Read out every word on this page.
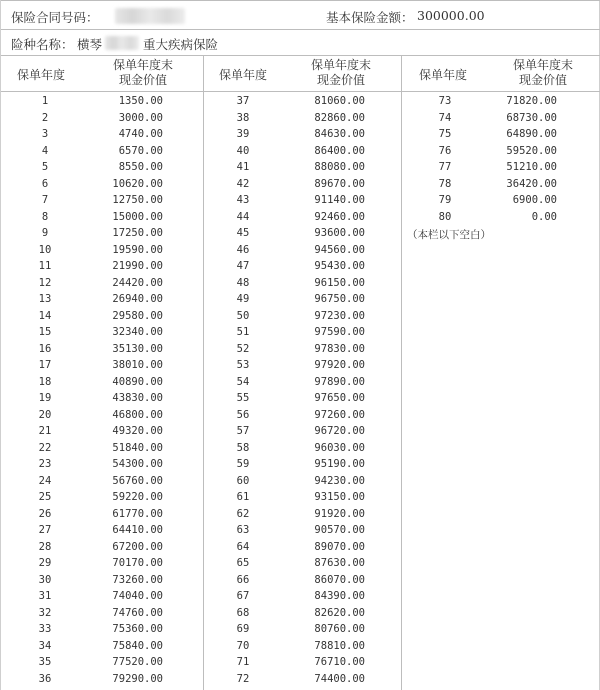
保险合同号码：	基本保险金额： 300000.00
险种名称： 横琴	重大疾病保险
保单年度
保单年度末
现金价值	保单年度
保单年度末
现金价值	保单年度
保单年度末
现金价值
1	1350.00
2	3000.00
3	4740.00
4	6570.00
5	8550.00
6	10620.00
7	12750.00
8	15000.00
9	17250.00
10	19590.00
11	21990.00
12	24420.00
13	26940.00
14	29580.00
15	32340.00
16	35130.00
17	38010.00
18	40890.00
19	43830.00
20	46800.00
21	49320.00
22	51840.00
23	54300.00
24	56760.00
25	59220.00
26	61770.00
27	64410.00
28	67200.00
29	70170.00
30	73260.00
31	74040.00
32	74760.00
33	75360.00
34	75840.00
35	77520.00
36	79290.00
37	81060.00
38	82860.00
39	84630.00
40	86400.00
41	88080.00
42	89670.00
43	91140.00
44	92460.00
45	93600.00
46	94560.00
47	95430.00
48	96150.00
49	96750.00
50	97230.00
51	97590.00
52	97830.00
53	97920.00
54	97890.00
55	97650.00
56	97260.00
57	96720.00
58	96030.00
59	95190.00
60	94230.00
61	93150.00
62	91920.00
63	90570.00
64	89070.00
65	87630.00
66	86070.00
67	84390.00
68	82620.00
69	80760.00
70	78810.00
71	76710.00
72	74400.00
73	71820.00
74	68730.00
75	64890.00
76	59520.00
77	51210.00
78	36420.00
79	6900.00
80	0.00
（本栏以下空白）
